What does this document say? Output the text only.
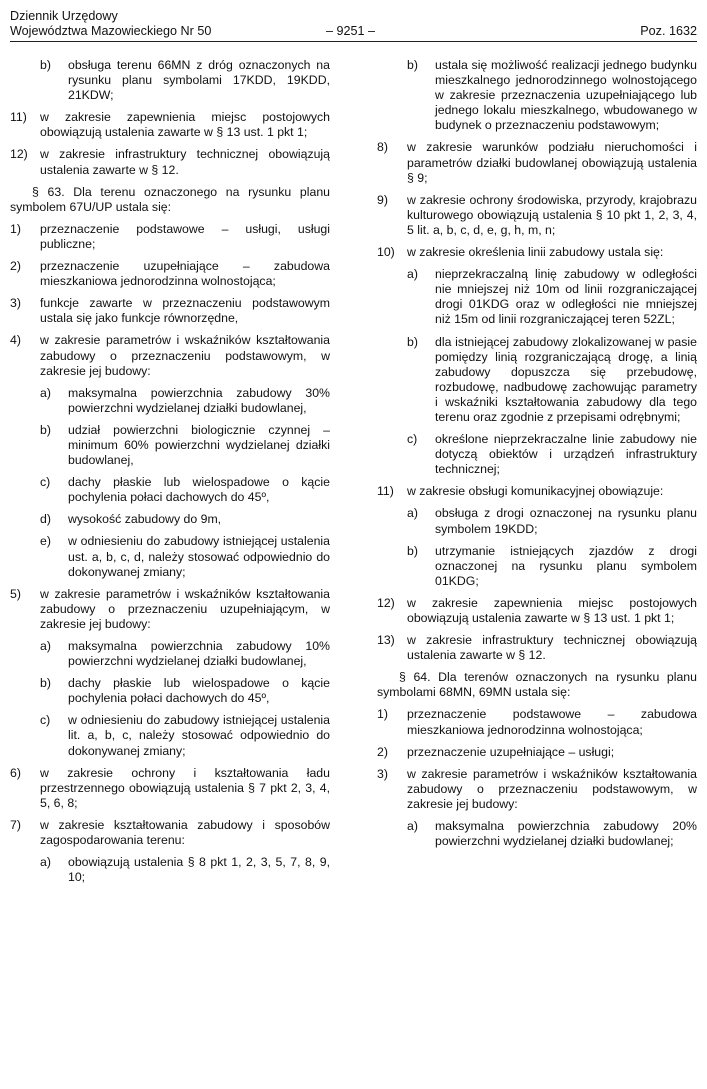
Dziennik Urzędowy
Województwa Mazowieckiego Nr 50	– 9251 –	Poz. 1632
b) obsługa terenu 66MN z dróg oznaczonych na rysunku planu symbolami 17KDD, 19KDD, 21KDW;
11) w zakresie zapewnienia miejsc postojowych obowiązują ustalenia zawarte w § 13 ust. 1 pkt 1;
12) w zakresie infrastruktury technicznej obowiązują ustalenia zawarte w § 12.
§ 63. Dla terenu oznaczonego na rysunku planu symbolem 67U/UP ustala się:
1) przeznaczenie podstawowe – usługi, usługi publiczne;
2) przeznaczenie uzupełniające – zabudowa mieszkaniowa jednorodzinna wolnostojąca;
3) funkcje zawarte w przeznaczeniu podstawowym ustala się jako funkcje równorzędne,
4) w zakresie parametrów i wskaźników kształtowania zabudowy o przeznaczeniu podstawowym, w zakresie jej budowy:
a) maksymalna powierzchnia zabudowy 30% powierzchni wydzielanej działki budowlanej,
b) udział powierzchni biologicznie czynnej – minimum 60% powierzchni wydzielanej działki budowlanej,
c) dachy płaskie lub wielospadowe o kącie pochylenia połaci dachowych do 45º,
d) wysokość zabudowy do 9m,
e) w odniesieniu do zabudowy istniejącej ustalenia ust. a, b, c, d, należy stosować odpowiednio do dokonywanej zmiany;
5) w zakresie parametrów i wskaźników kształtowania zabudowy o przeznaczeniu uzupełniającym, w zakresie jej budowy:
a) maksymalna powierzchnia zabudowy 10% powierzchni wydzielanej działki budowlanej,
b) dachy płaskie lub wielospadowe o kącie pochylenia połaci dachowych do 45º,
c) w odniesieniu do zabudowy istniejącej ustalenia lit. a, b, c, należy stosować odpowiednio do dokonywanej zmiany;
6) w zakresie ochrony i kształtowania ładu przestrzennego obowiązują ustalenia § 7 pkt 2, 3, 4, 5, 6, 8;
7) w zakresie kształtowania zabudowy i sposobów zagospodarowania terenu:
a) obowiązują ustalenia § 8 pkt 1, 2, 3, 5, 7, 8, 9, 10;
b) ustala się możliwość realizacji jednego budynku mieszkalnego jednorodzinnego wolnostojącego w zakresie przeznaczenia uzupełniającego lub jednego lokalu mieszkalnego, wbudowanego w budynek o przeznaczeniu podstawowym;
8) w zakresie warunków podziału nieruchomości i parametrów działki budowlanej obowiązują ustalenia § 9;
9) w zakresie ochrony środowiska, przyrody, krajobrazu kulturowego obowiązują ustalenia § 10 pkt 1, 2, 3, 4, 5 lit. a, b, c, d, e, g, h, m, n;
10) w zakresie określenia linii zabudowy ustala się:
a) nieprzekraczalną linię zabudowy w odległości nie mniejszej niż 10m od linii rozgraniczającej drogi 01KDG oraz w odległości nie mniejszej niż 15m od linii rozgraniczającej teren 52ZL;
b) dla istniejącej zabudowy zlokalizowanej w pasie pomiędzy linią rozgraniczającą drogę, a linią zabudowy dopuszcza się przebudowę, rozbudowę, nadbudowę zachowując parametry i wskaźniki kształtowania zabudowy dla tego terenu oraz zgodnie z przepisami odrębnymi;
c) określone nieprzekraczalne linie zabudowy nie dotyczą obiektów i urządzeń infrastruktury technicznej;
11) w zakresie obsługi komunikacyjnej obowiązuje:
a) obsługa z drogi oznaczonej na rysunku planu symbolem 19KDD;
b) utrzymanie istniejących zjazdów z drogi oznaczonej na rysunku planu symbolem 01KDG;
12) w zakresie zapewnienia miejsc postojowych obowiązują ustalenia zawarte w § 13 ust. 1 pkt 1;
13) w zakresie infrastruktury technicznej obowiązują ustalenia zawarte w § 12.
§ 64. Dla terenów oznaczonych na rysunku planu symbolami 68MN, 69MN ustala się:
1) przeznaczenie podstawowe – zabudowa mieszkaniowa jednorodzinna wolnostojąca;
2) przeznaczenie uzupełniające – usługi;
3) w zakresie parametrów i wskaźników kształtowania zabudowy o przeznaczeniu podstawowym, w zakresie jej budowy:
a) maksymalna powierzchnia zabudowy 20% powierzchni wydzielanej działki budowlanej;
